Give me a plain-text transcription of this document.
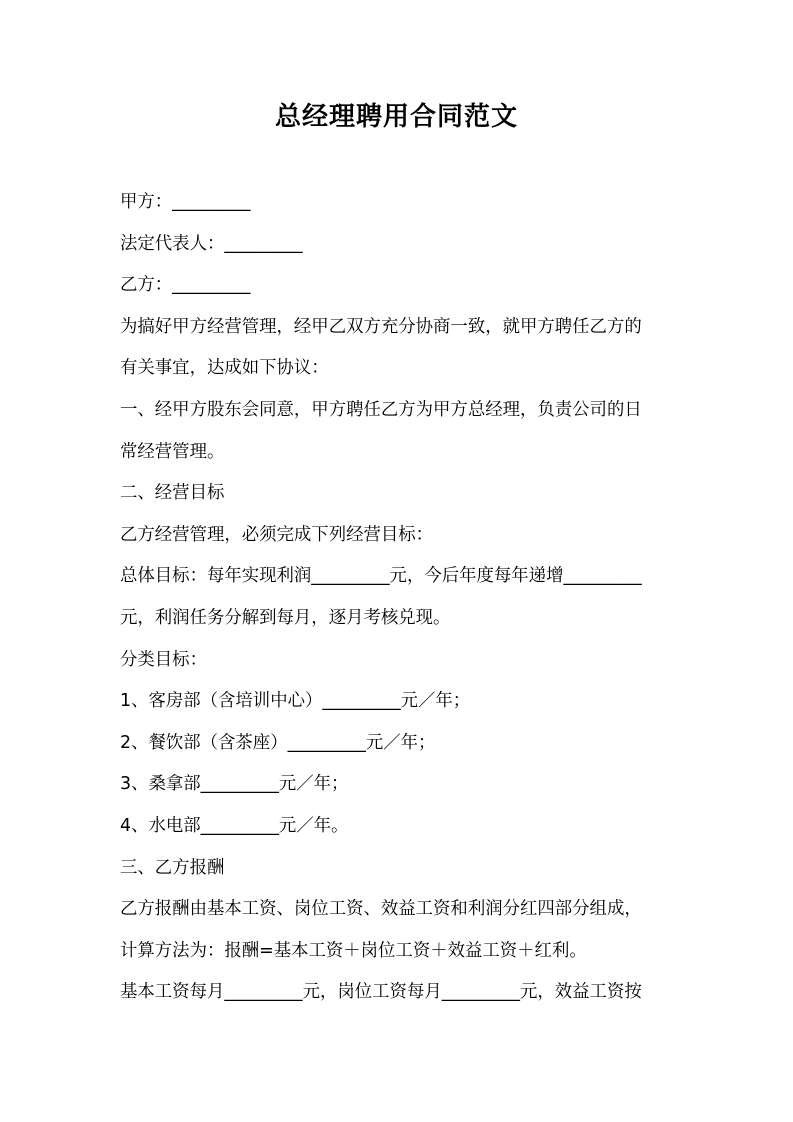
总经理聘用合同范文
甲方：_________
法定代表人：_________
乙方：_________
为搞好甲方经营管理，经甲乙双方充分协商一致，就甲方聘任乙方的
有关事宜，达成如下协议：
一、经甲方股东会同意，甲方聘任乙方为甲方总经理，负责公司的日
常经营管理。
二、经营目标
乙方经营管理，必须完成下列经营目标：
总体目标：每年实现利润_________元，今后年度每年递增_________
元，利润任务分解到每月，逐月考核兑现。
分类目标：
1、客房部（含培训中心）_________元／年；
2、餐饮部（含茶座）_________元／年；
3、桑拿部_________元／年；
4、水电部_________元／年。
三、乙方报酬
乙方报酬由基本工资、岗位工资、效益工资和利润分红四部分组成，
计算方法为：报酬=基本工资＋岗位工资＋效益工资＋红利。
基本工资每月_________元，岗位工资每月_________元，效益工资按
